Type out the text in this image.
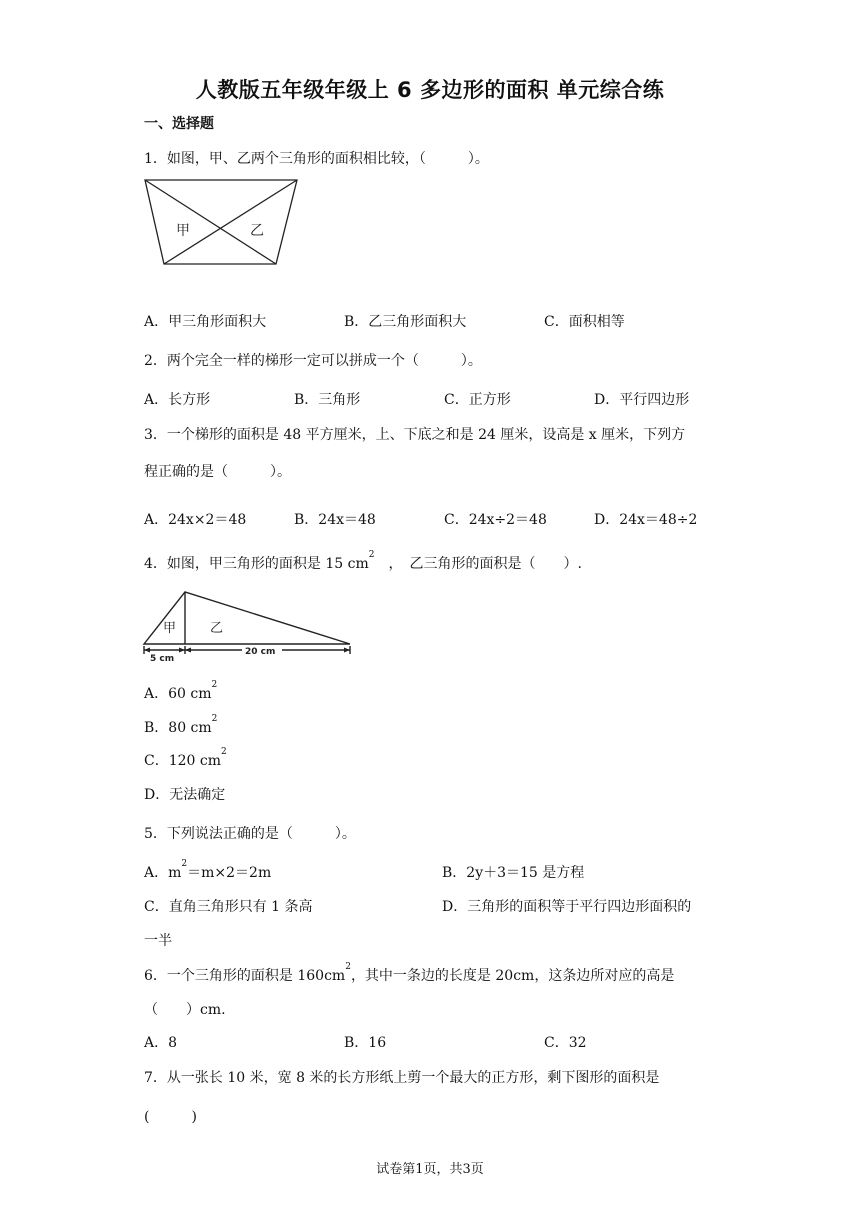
人教版五年级年级上 6 多边形的面积 单元综合练
一、选择题
1．如图，甲、乙两个三角形的面积相比较，（　　　）。
甲	乙
A．甲三角形面积大	B．乙三角形面积大	C．面积相等
2．两个完全一样的梯形一定可以拼成一个（　　　）。
A．长方形	B．三角形	C．正方形	D．平行四边形
3．一个梯形的面积是 48 平方厘米，上、下底之和是 24 厘米，设高是 x 厘米，下列方
程正确的是（　　　）。
A．24x×2＝48	B．24x＝48	C．24x÷2＝48	D．24x＝48÷2
4．如图，甲三角形的面积是 15 $cm^2$　，　乙三角形的面积是（　　）.
甲	乙
5 cm
20 cm
A．60 $cm^2$
B．80 $cm^2$
C．120 $cm^2$
D．无法确定
5．下列说法正确的是（　　　）。
A．$m^2=m\times 2=2m$	B．2y＋3＝15 是方程
C．直角三角形只有 1 条高	D．三角形的面积等于平行四边形面积的
一半
6．一个三角形的面积是 $160cm^2$，其中一条边的长度是 20cm，这条边所对应的高是
（　　）cm.
A．8	B．16	C．32
7．从一张长 10 米，宽 8 米的长方形纸上剪一个最大的正方形，剩下图形的面积是
(　　　)
试卷第1页，共3页
